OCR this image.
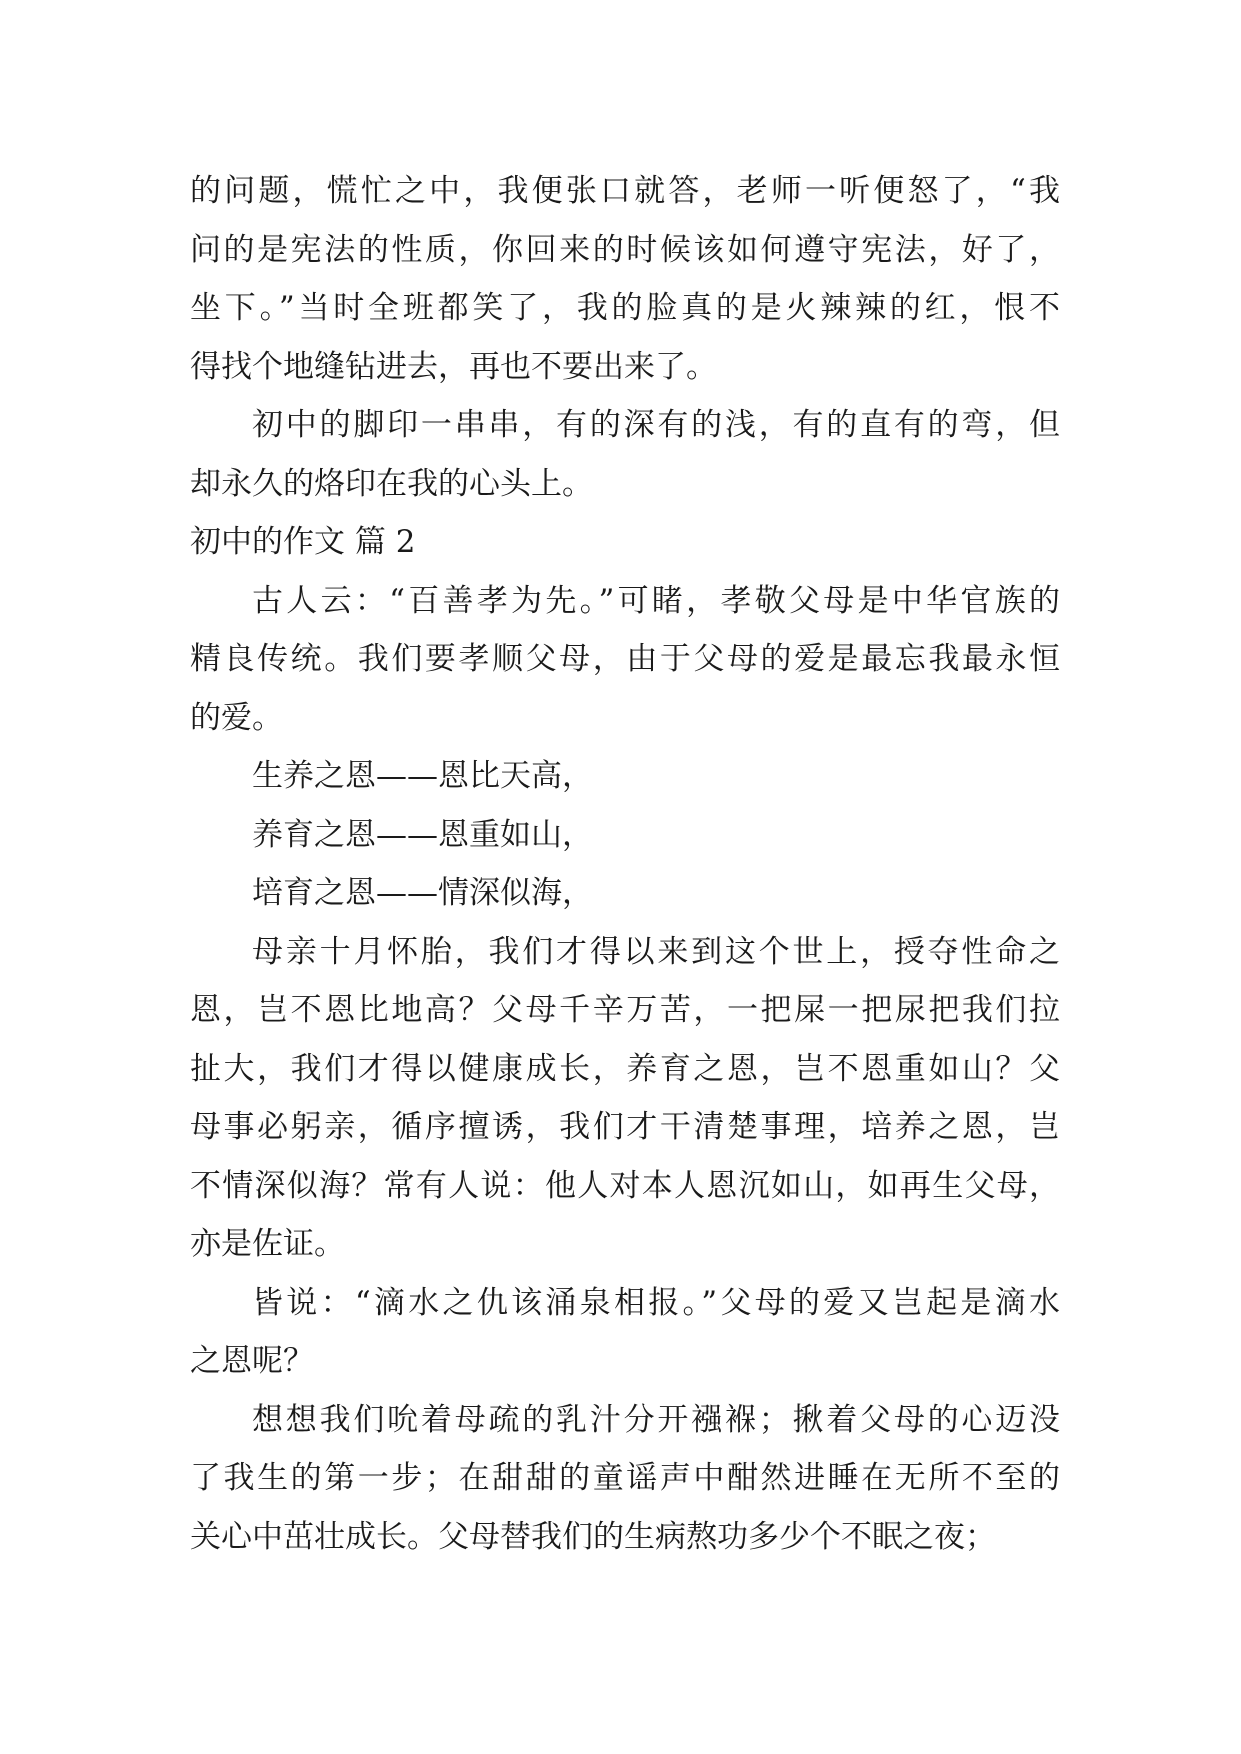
的问题，慌忙之中，我便张口就答，老师一听便怒了，“我
问的是宪法的性质，你回来的时候该如何遵守宪法，好了，
坐下。”当时全班都笑了，我的脸真的是火辣辣的红，恨不
得找个地缝钻进去，再也不要出来了。
初中的脚印一串串，有的深有的浅，有的直有的弯，但
却永久的烙印在我的心头上。
初中的作文 篇 2
古人云：“百善孝为先。”可睹，孝敬父母是中华官族的
精良传统。我们要孝顺父母，由于父母的爱是最忘我最永恒
的爱。
生养之恩——恩比天高，
养育之恩——恩重如山，
培育之恩——情深似海，
母亲十月怀胎，我们才得以来到这个世上，授夺性命之
恩，岂不恩比地高？父母千辛万苦，一把屎一把尿把我们拉
扯大，我们才得以健康成长，养育之恩，岂不恩重如山？父
母事必躬亲，循序擅诱，我们才干清楚事理，培养之恩，岂
不情深似海？常有人说：他人对本人恩沉如山，如再生父母，
亦是佐证。
皆说：“滴水之仇该涌泉相报。”父母的爱又岂起是滴水
之恩呢？
想想我们吮着母疏的乳汁分开襁褓；揪着父母的心迈没
了我生的第一步；在甜甜的童谣声中酣然进睡在无所不至的
关心中茁壮成长。父母替我们的生病熬功多少个不眠之夜；
